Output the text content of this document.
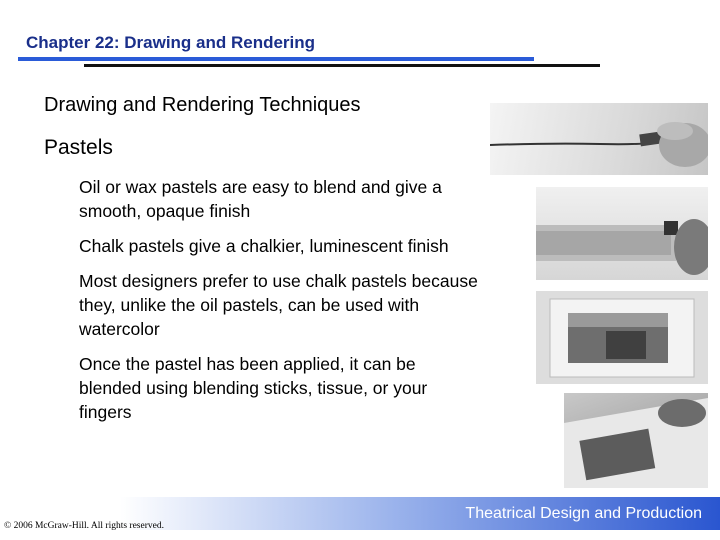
Chapter 22: Drawing and Rendering
Drawing and Rendering Techniques
Pastels
Oil or wax pastels are easy to blend and give a smooth, opaque finish
Chalk pastels give a chalkier, luminescent finish
Most designers prefer to use chalk pastels because they, unlike the oil pastels, can be used with watercolor
Once the pastel has been applied, it can be blended using blending sticks, tissue, or your fingers
Theatrical Design and Production
© 2006 McGraw-Hill. All rights reserved.
